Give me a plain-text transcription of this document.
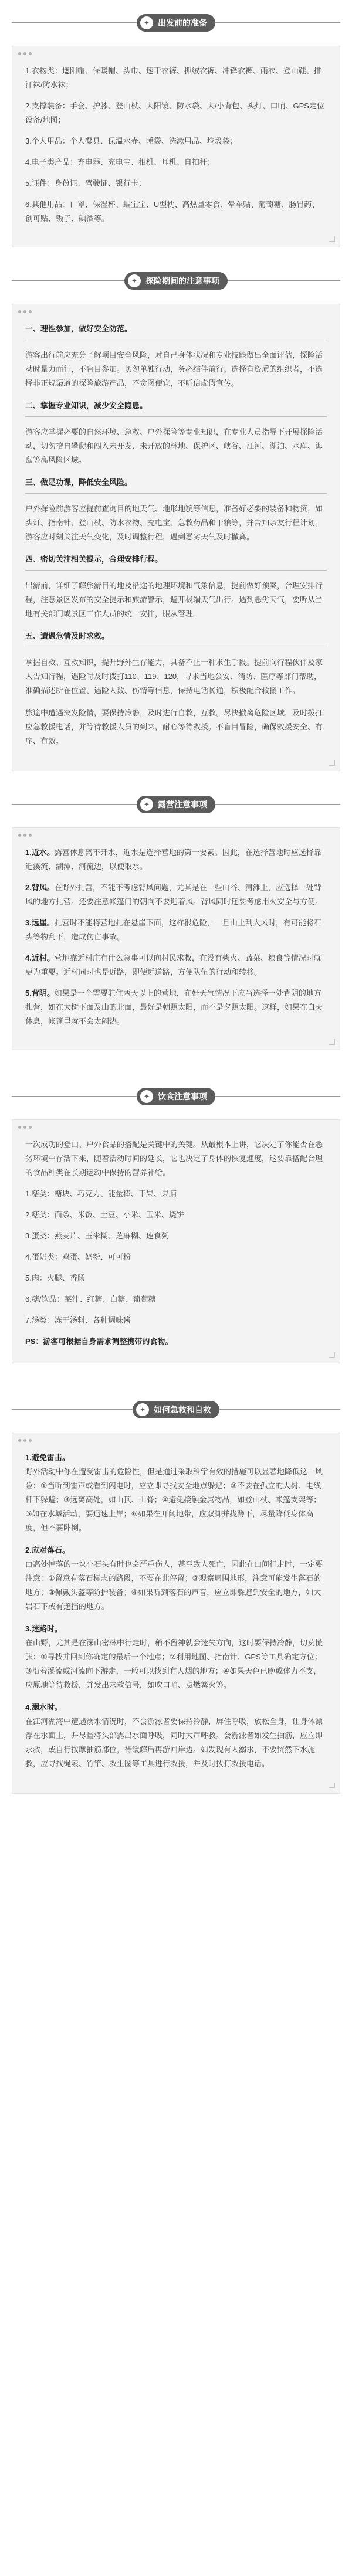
✦ 出发前的准备

1.衣物类：遮阳帽、保暖帽、头巾、速干衣裤、抓绒衣裤、冲锋衣裤、雨衣、登山鞋、排汗袜/防水袜；

2.支撑装备：手套、护膝、登山杖、大阳镜、防水袋、大/小背包、头灯、口哨、GPS定位设备/地图；

3.个人用品：个人餐具、保温水壶、睡袋、洗漱用品、垃圾袋；

4.电子类产品：充电器、充电宝、相机、耳机、自拍杆；

5.证件：身份证、驾驶证、银行卡；

6.其他用品：口罩、保湿杯、蝙宝宝、U型枕、高热量零食、晕车贴、葡萄糖、肠胃药、创可贴、镊子、碘酒等。

✦ 探险期间的注意事项
一、理性参加，做好安全防范。

游客出行前应充分了解项目安全风险，对自己身体状况和专业技能做出全面评估，探险活动时量力而行，不盲目参加。切勿单独行动，务必结伴前行。选择有资质的组织者，不选择非正规渠道的探险旅游产品，不贪图便宜，不听信虚假宣传。

二、掌握专业知识，减少安全隐患。

游客应掌握必要的自然环境、急救、户外探险等专业知识，在专业人员指导下开展探险活动，切勿擅自攀爬和闯入未开发、未开放的林地、保护区、峡谷、江河、湖泊、水库、海岛等高风险区域。

三、做足功课，降低安全风险。

户外探险前游客应提前查询目的地天气、地形地貌等信息，准备好必要的装备和物资，如头灯、指南针、登山杖、防水衣物、充电宝、急救药品和干粮等，并告知亲友行程计划。游客应时刻关注天气变化，及时调整行程，遇到恶劣天气及时撤离。

四、密切关注相关提示，合理安排行程。

出游前，详细了解旅游目的地及沿途的地理环境和气象信息，提前做好预案，合理安排行程，注意景区发布的安全提示和旅游警示，避开极端天气出行。遇到恶劣天气，要听从当地有关部门或景区工作人员的统一安排，服从管理。

五、遭遇危情及时求救。

掌握自救、互救知识，提升野外生存能力，具备不止一种求生手段。提前向行程伙伴及家人告知行程，遇险时及时拨打110、119、120，寻求当地公安、消防、医疗等部门帮助，准确描述所在位置、遇险人数、伤情等信息，保持电话畅通，积极配合救援工作。

旅途中遭遇突发险情，要保持冷静，及时进行自救，互救。尽快撤离危险区域，及时拨打应急救援电话，并等待救援人员的到来，耐心等待救援。不盲目冒险，确保救援安全、有序、有效。

✦ 露营注意事项

1.近水。露营休息离不开水，近水是选择营地的第一要素。因此，在选择营地时应选择靠近溪流、湖潭、河流边，以便取水。

2.背风。在野外扎营，不能不考虑背风问题，尤其是在一些山谷、河滩上，应选择一处背风的地方扎营。还要注意帐篷门的朝向不要迎着风。背风同时还要考虑用火安全与方便。

3.远崖。扎营时不能将营地扎在悬崖下面，这样很危险，一旦山上刮大风时，有可能将石头等物刮下，造成伤亡事故。

4.近村。营地靠近村庄有什么急事可以向村民求救，在没有柴火、蔬菜、粮食等情况时就更为重要。近村同时也是近路，即便近道路，方便队伍的行动和转移。

5.背阴。如果是一个需要驻住两天以上的营地，在好天气情况下应当选择一处背阴的地方扎营，如在大树下面及山的北面，最好是朝照太阳，而不是夕照太阳。这样，如果在白天休息，帐篷里就不会太闷热。

✦ 饮食注意事项

一次成功的登山、户外食品的搭配是关键中的关键。从最根本上讲，它决定了你能否在恶劣环境中存活下来，随着活动时间的延长，它也决定了身体的恢复速度，这要靠搭配合理的食品种类在长期运动中保持的营养补给。

1.糖类：糖块、巧克力、能量棒、干果、果脯

2.糖类：面条、米饭、土豆、小米、玉米、烧饼

3.蛋类：燕麦片、玉米糊、芝麻糊、速食粥

4.蛋奶类：鸡蛋、奶粉、可可粉

5.肉：火腿、香肠

6.糖/饮品：菜汁、红糖、白糖、葡萄糖

7.汤类：冻干汤料、各种调味酱

PS：游客可根据自身需求调整携带的食物。

✦ 如何急救和自救
1.避免雷击。

野外活动中你在遭受雷击的危险性，但是通过采取科学有效的措施可以显著地降低这一风险：①当听到雷声或看到闪电时，应立即寻找安全地点躲避；②不要在孤立的大树、电线杆下躲避；③远离高处，如山顶、山脊；④避免接触金属物品，如登山杖、帐篷支架等；⑤如在水域活动，要迅速上岸；⑥如果在开阔地带，应双脚并拢蹲下，尽量降低身体高度，但不要卧倒。

2.应对落石。

由高处掉落的一块小石头有时也会严重伤人，甚至致人死亡，因此在山间行走时，一定要注意：①留意有落石标志的路段，不要在此停留；②观察周围地形，注意可能发生落石的地方；③佩戴头盔等防护装备；④如果听到落石的声音，应立即躲避到安全的地方，如大岩石下或有遮挡的地方。

3.迷路时。

在山野，尤其是在深山密林中行走时，稍不留神就会迷失方向，这时要保持冷静，切莫慌张：①寻找并回到你确定的最后一个地点；②利用地图、指南针、GPS等工具确定方位；③沿着溪流或河流向下游走，一般可以找到有人烟的地方；④如果天色已晚或体力不支，应原地等待救援，并发出求救信号，如吹口哨、点燃篝火等。

4.溺水时。

在江河湖海中遭遇溺水情况时，不会游泳者要保持冷静，屏住呼吸，放松全身，让身体漂浮在水面上，并尽量将头部露出水面呼吸，同时大声呼救。会游泳者如发生抽筋，应立即求救，或自行按摩抽筋部位，待缓解后再游回岸边。如发现有人溺水，不要贸然下水施救，应寻找绳索、竹竿、救生圈等工具进行救援，并及时拨打救援电话。
